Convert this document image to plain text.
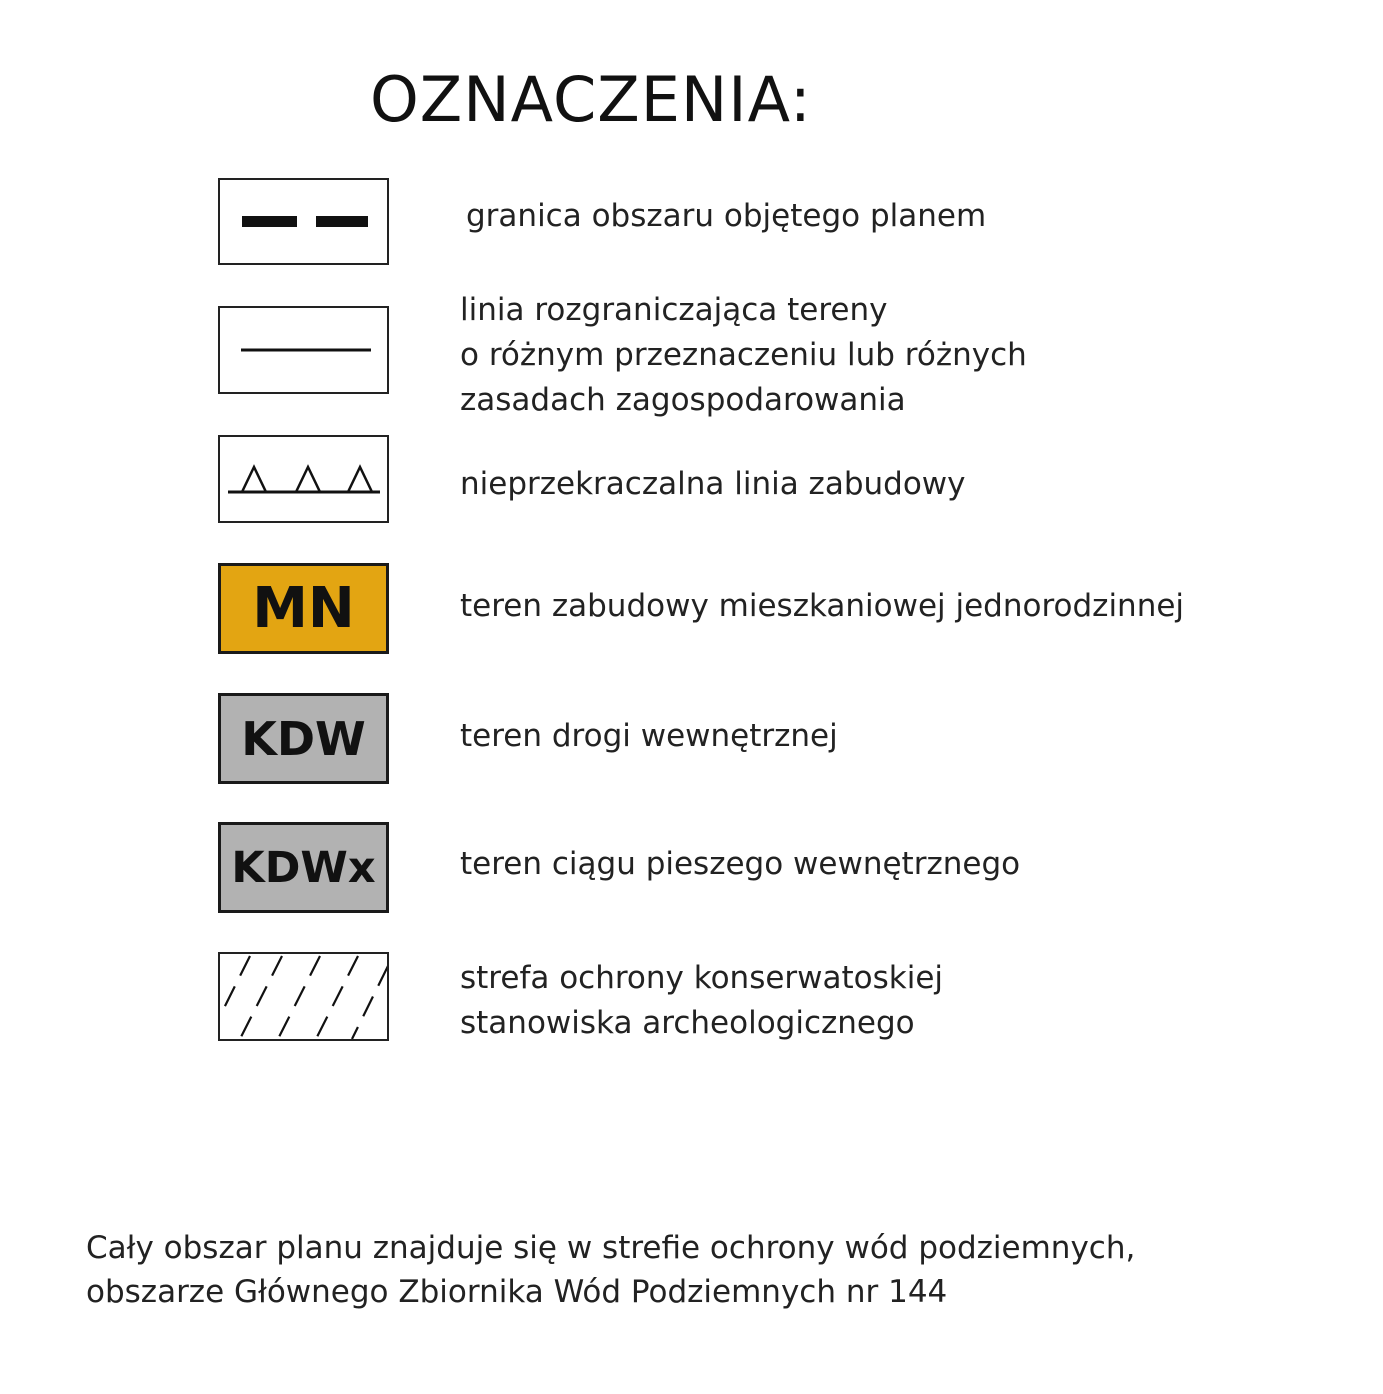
OZNACZENIA:

granica obszaru objętego planem

linia rozgraniczająca tereny
o różnym przeznaczeniu lub różnych
zasadach zagospodarowania

nieprzekraczalna linia zabudowy

MN	teren zabudowy mieszkaniowej jednorodzinnej

KDW	teren drogi wewnętrznej

KDWx	teren ciągu pieszego wewnętrznego

strefa ochrony konserwatoskiej
stanowiska archeologicznego

Cały obszar planu znajduje się w strefie ochrony wód podziemnych,
obszarze Głównego Zbiornika Wód Podziemnych nr 144
